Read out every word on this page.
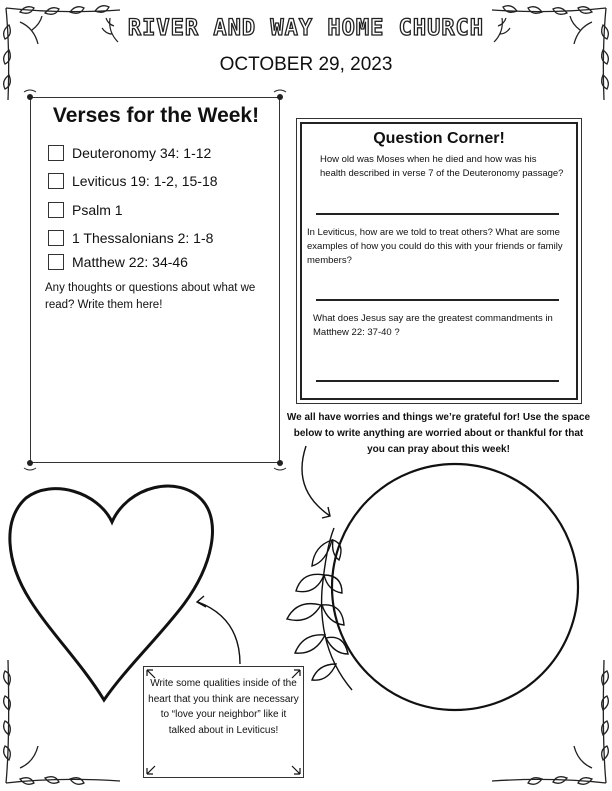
RIVER AND WAY HOME CHURCH
OCTOBER 29, 2023
Verses for the Week!
Deuteronomy 34: 1-12
Leviticus 19: 1-2, 15-18
Psalm 1
1 Thessalonians 2: 1-8
Matthew 22: 34-46
Any thoughts or questions about what we read? Write them here!
Question Corner!
How old was Moses when he died and how was his health described in verse 7 of the Deuteronomy passage?
In Leviticus, how are we told to treat others? What are some examples of how you could do this with your friends or family members?
What does Jesus say are the greatest commandments in Matthew 22: 37-40 ?
We all have worries and things we’re grateful for! Use the space below to write anything are worried about or thankful for that you can pray about this week!
Write some qualities inside of the heart that you think are necessary to “love your neighbor” like it talked about in Leviticus!
